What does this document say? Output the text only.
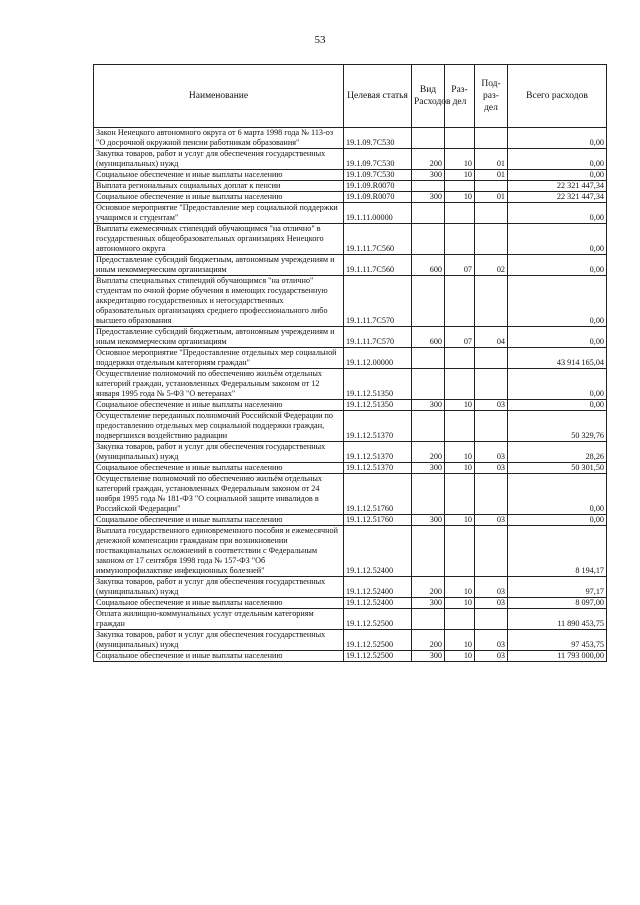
53
Наименование	Целевая статья	Вид Расходов	Раз-дел	Под-раз-дел	Всего расходов
Закон Ненецкого автономного округа от 6 марта 1998 года № 113-оз "О досрочной окружной пенсии работникам образования"	19.1.09.7С530				0,00
Закупка товаров, работ и услуг для обеспечения государственных (муниципальных) нужд	19.1.09.7С530	200	10	01	0,00
Социальное обеспечение и иные выплаты населению	19.1.09.7С530	300	10	01	0,00
Выплата региональных социальных доплат к пенсии	19.1.09.R0070				22 321 447,34
Социальное обеспечение и иные выплаты населению	19.1.09.R0070	300	10	01	22 321 447,34
Основное мероприятие "Предоставление мер социальной поддержки учащимся и студентам"	19.1.11.00000				0,00
Выплаты ежемесячных стипендий обучающимся "на отлично" в государственных общеобразовательных организациях Ненецкого автономного округа	19.1.11.7С560				0,00
Предоставление субсидий бюджетным, автономным учреждениям и иным некоммерческим организациям	19.1.11.7С560	600	07	02	0,00
Выплаты специальных стипендий обучающимся "на отлично" студентам по очной форме обучения в имеющих государственную аккредитацию государственных и негосударственных образовательных организациях среднего профессионального либо высшего образования	19.1.11.7С570				0,00
Предоставление субсидий бюджетным, автономным учреждениям и иным некоммерческим организациям	19.1.11.7С570	600	07	04	0,00
Основное мероприятие "Предоставление отдельных мер социальной поддержки отдельным категориям граждан"	19.1.12.00000				43 914 165,04
Осуществление полномочий по обеспечению жильём отдельных категорий граждан, установленных Федеральным законом от 12 января 1995 года № 5-ФЗ "О ветеранах"	19.1.12.51350				0,00
Социальное обеспечение и иные выплаты населению	19.1.12.51350	300	10	03	0,00
Осуществление переданных полномочий Российской Федерации по предоставлению отдельных мер социальной поддержки граждан, подвергшихся воздействию радиации	19.1.12.51370				50 329,76
Закупка товаров, работ и услуг для обеспечения государственных (муниципальных) нужд	19.1.12.51370	200	10	03	28,26
Социальное обеспечение и иные выплаты населению	19.1.12.51370	300	10	03	50 301,50
Осуществление полномочий по обеспечению жильём отдельных категорий граждан, установленных Федеральным законом от 24 ноября 1995 года № 181-ФЗ "О социальной защите инвалидов в Российской Федерации"	19.1.12.51760				0,00
Социальное обеспечение и иные выплаты населению	19.1.12.51760	300	10	03	0,00
Выплата государственного единовременного пособия и ежемесячной денежной компенсации гражданам при возникновении поствакцинальных осложнений в соответствии с Федеральным законом от 17 сентября 1998 года № 157-ФЗ "Об иммунопрофилактике инфекционных болезней"	19.1.12.52400				8 194,17
Закупка товаров, работ и услуг для обеспечения государственных (муниципальных) нужд	19.1.12.52400	200	10	03	97,17
Социальное обеспечение и иные выплаты населению	19.1.12.52400	300	10	03	8 097,00
Оплата жилищно-коммунальных услуг отдельным категориям граждан	19.1.12.52500				11 890 453,75
Закупка товаров, работ и услуг для обеспечения государственных (муниципальных) нужд	19.1.12.52500	200	10	03	97 453,75
Социальное обеспечение и иные выплаты населению	19.1.12.52500	300	10	03	11 793 000,00
